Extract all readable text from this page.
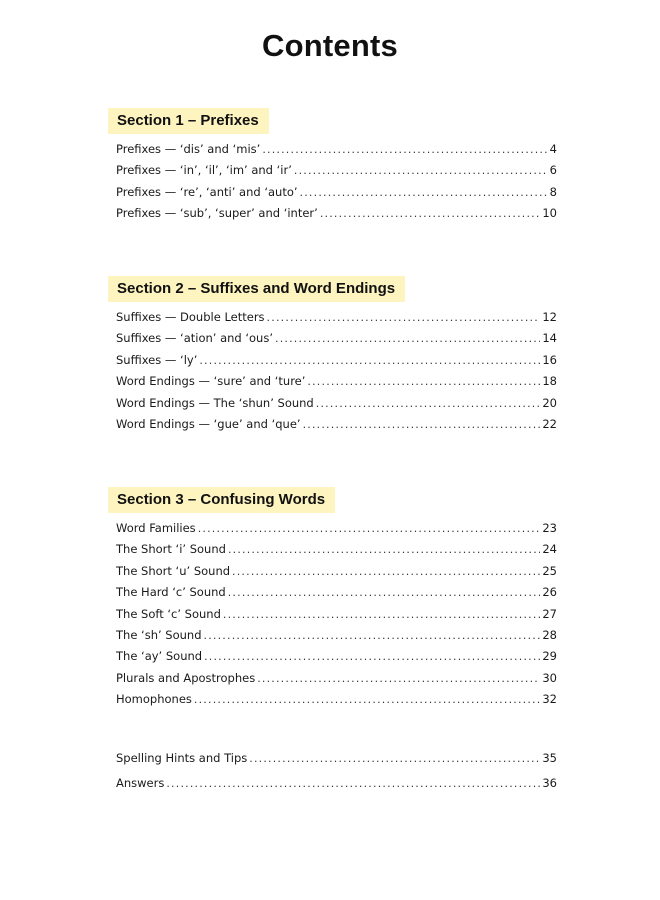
Contents
Section 1 – Prefixes
Prefixes — ‘dis’ and ‘mis’ .....	4
Prefixes — ‘in’, ‘il’, ‘im’ and ‘ir’ .....	6
Prefixes — ‘re’, ‘anti’ and ‘auto’ .....	8
Prefixes — ‘sub’, ‘super’ and ‘inter’ .....	10
Section 2 – Suffixes and Word Endings
Suffixes — Double Letters .....	12
Suffixes — ‘ation’ and ‘ous’ .....	14
Suffixes — ‘ly’ .....	16
Word Endings — ‘sure’ and ‘ture’ .....	18
Word Endings — The ‘shun’ Sound .....	20
Word Endings — ‘gue’ and ‘que’ .....	22
Section 3 – Confusing Words
Word Families .....	23
The Short ‘i’ Sound .....	24
The Short ‘u’ Sound .....	25
The Hard ‘c’ Sound .....	26
The Soft ‘c’ Sound .....	27
The ‘sh’ Sound .....	28
The ‘ay’ Sound .....	29
Plurals and Apostrophes .....	30
Homophones .....	32
Spelling Hints and Tips .....	35
Answers .....	36
